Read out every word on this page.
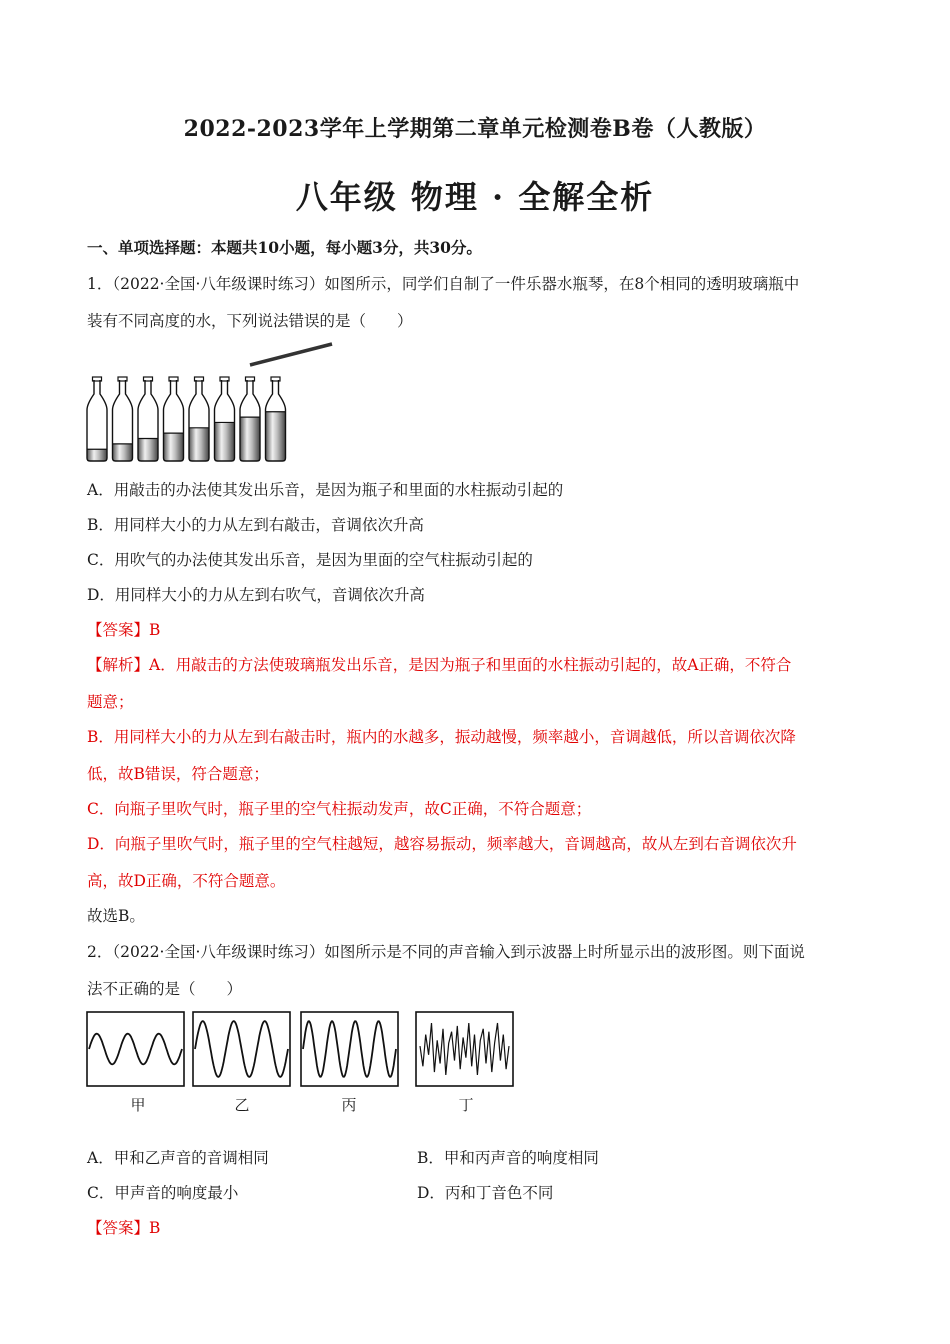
2022-2023学年上学期第二章单元检测卷B卷（人教版）
八年级 物理 · 全解全析
一、单项选择题：本题共10小题，每小题3分，共30分。
1．（2022·全国·八年级课时练习）如图所示，同学们自制了一件乐器水瓶琴，在8个相同的透明玻璃瓶中
装有不同高度的水，下列说法错误的是（　　）
A．用敲击的办法使其发出乐音，是因为瓶子和里面的水柱振动引起的
B．用同样大小的力从左到右敲击，音调依次升高
C．用吹气的办法使其发出乐音，是因为里面的空气柱振动引起的
D．用同样大小的力从左到右吹气，音调依次升高
【答案】B
【解析】A．用敲击的方法使玻璃瓶发出乐音，是因为瓶子和里面的水柱振动引起的，故A正确，不符合
题意；
B．用同样大小的力从左到右敲击时，瓶内的水越多，振动越慢，频率越小，音调越低，所以音调依次降
低，故B错误，符合题意；
C．向瓶子里吹气时，瓶子里的空气柱振动发声，故C正确，不符合题意；
D．向瓶子里吹气时，瓶子里的空气柱越短，越容易振动，频率越大，音调越高，故从左到右音调依次升
高，故D正确，不符合题意。
故选B。
2．（2022·全国·八年级课时练习）如图所示是不同的声音输入到示波器上时所显示出的波形图。则下面说
法不正确的是（　　）
甲	乙	丙	丁
A．甲和乙声音的音调相同	B．甲和丙声音的响度相同
C．甲声音的响度最小	D．丙和丁音色不同
【答案】B
